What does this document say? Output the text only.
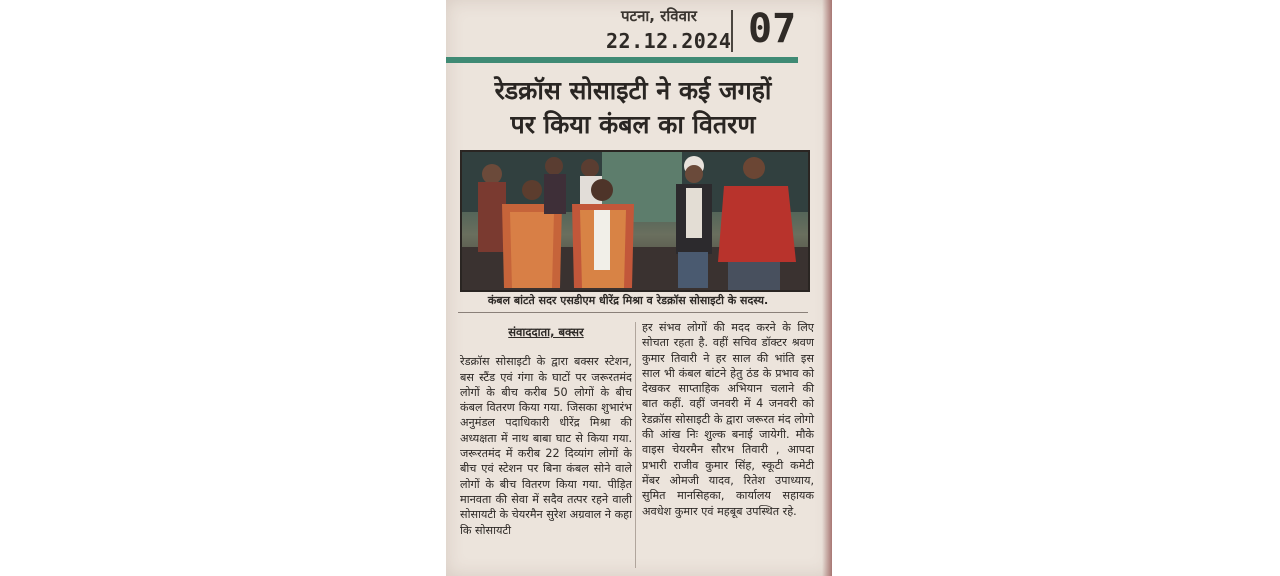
पटना, रविवार
22.12.2024 07
रेडक्रॉस सोसाइटी ने कई जगहों
पर किया कंबल का वितरण
कंबल बांटते सदर एसडीएम धीरेंद्र मिश्रा व रेडक्रॉस सोसाइटी के सदस्य.
संवाददाता, बक्सर
रेडक्रॉस सोसाइटी के द्वारा बक्सर स्टेशन, बस स्टैंड एवं गंगा के घाटों पर जरूरतमंद लोगों के बीच करीब 50 लोगों के बीच कंबल वितरण किया गया. जिसका शुभारंभ अनुमंडल पदाधिकारी धीरेंद्र मिश्रा की अध्यक्षता में नाथ बाबा घाट से किया गया. जरूरतमंद में करीब 22 दिव्यांग लोगों के बीच एवं स्टेशन पर बिना कंबल सोने वाले लोगों के बीच वितरण किया गया. पीड़ित मानवता की सेवा में सदैव तत्पर रहने वाली सोसायटी के चेयरमैन सुरेश अग्रवाल ने कहा कि सोसायटी
हर संभव लोगों की मदद करने के लिए सोचता रहता है. वहीं सचिव डॉक्टर श्रवण कुमार तिवारी ने हर साल की भांति इस साल भी कंबल बांटने हेतु ठंड के प्रभाव को देखकर साप्ताहिक अभियान चलाने की बात कहीं. वहीं जनवरी में 4 जनवरी को रेडक्रॉस सोसाइटी के द्वारा जरूरत मंद लोगो की आंख निः शुल्क बनाई जायेगी. मौके वाइस चेयरमैन सौरभ तिवारी , आपदा प्रभारी राजीव कुमार सिंह, स्कूटी कमेटी मेंबर ओमजी यादव, रितेश उपाध्याय, सुमित मानसिहका, कार्यालय सहायक अवधेश कुमार एवं महबूब उपस्थित रहे.
